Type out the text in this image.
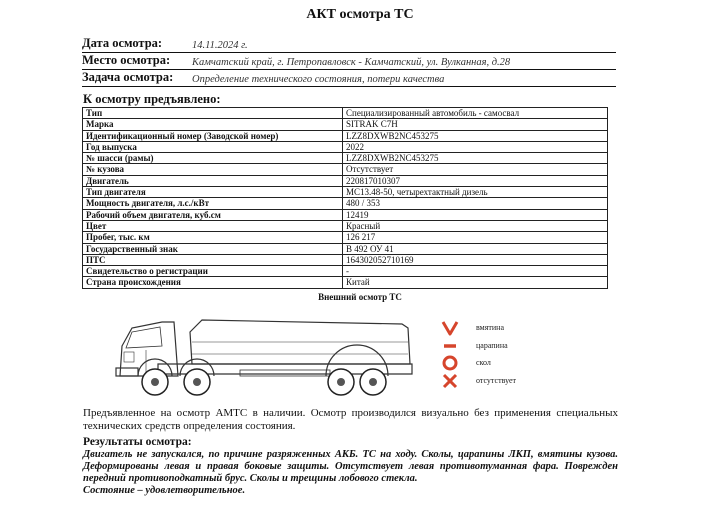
АКТ осмотра ТС
Дата осмотра:	14.11.2024 г.
Место осмотра: Камчатский край, г. Петропавловск - Камчатский, ул. Вулканная, д.28
Задача осмотра: Определение технического состояния, потери качества
К осмотру предъявлено:
Тип	Специализированный автомобиль - самосвал
Марка	SITRAK C7H
Идентификационный номер (Заводской номер)	LZZ8DXWB2NC453275
Год выпуска	2022
№ шасси (рамы)	LZZ8DXWB2NC453275
№ кузова	Отсутствует
Двигатель	220817010307
Тип двигателя	MC13.48-50, четырехтактный дизель
Мощность двигателя, л.с./кВт	480 / 353
Рабочий объем двигателя, куб.см	12419
Цвет	Красный
Пробег, тыс. км	126 217
Государственный знак	В 492 ОУ 41
ПТС	164302052710169
Свидетельство о регистрации	-
Страна происхождения	Китай
Внешний осмотр ТС
вмятина
царапина
скол
отсутствует
Предъявленное на осмотр АМТС в наличии. Осмотр производился визуально без применения специальных технических средств определения состояния.
Результаты осмотра:
Двигатель не запускался, по причине разряженных АКБ. ТС на ходу. Сколы, царапины ЛКП, вмятины кузова. Деформированы левая и правая боковые защиты. Отсутствует левая противотуманная фара. Поврежден передний противоподкатный брус. Сколы и трещины лобового стекла.
Состояние – удовлетворительное.
